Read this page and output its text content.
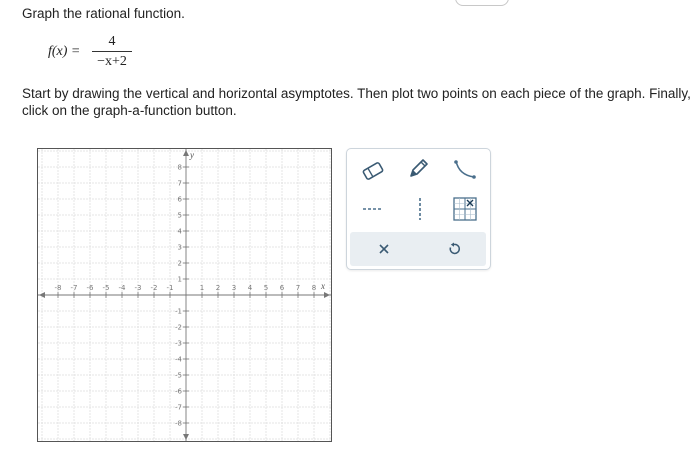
Graph the rational function.
f(x) =
4
−x+2
Start by drawing the vertical and horizontal asymptotes. Then plot two points on each piece of the graph. Finally, click on the graph-a-function button.
-8 -7 -6 -5 -4 -3 -2 -1	1 2 3 4 5 6 7 8
8
7
6
5
4
3
2
1
-1
-2
-3
-4
-5
-6
-7
-8
x
y
